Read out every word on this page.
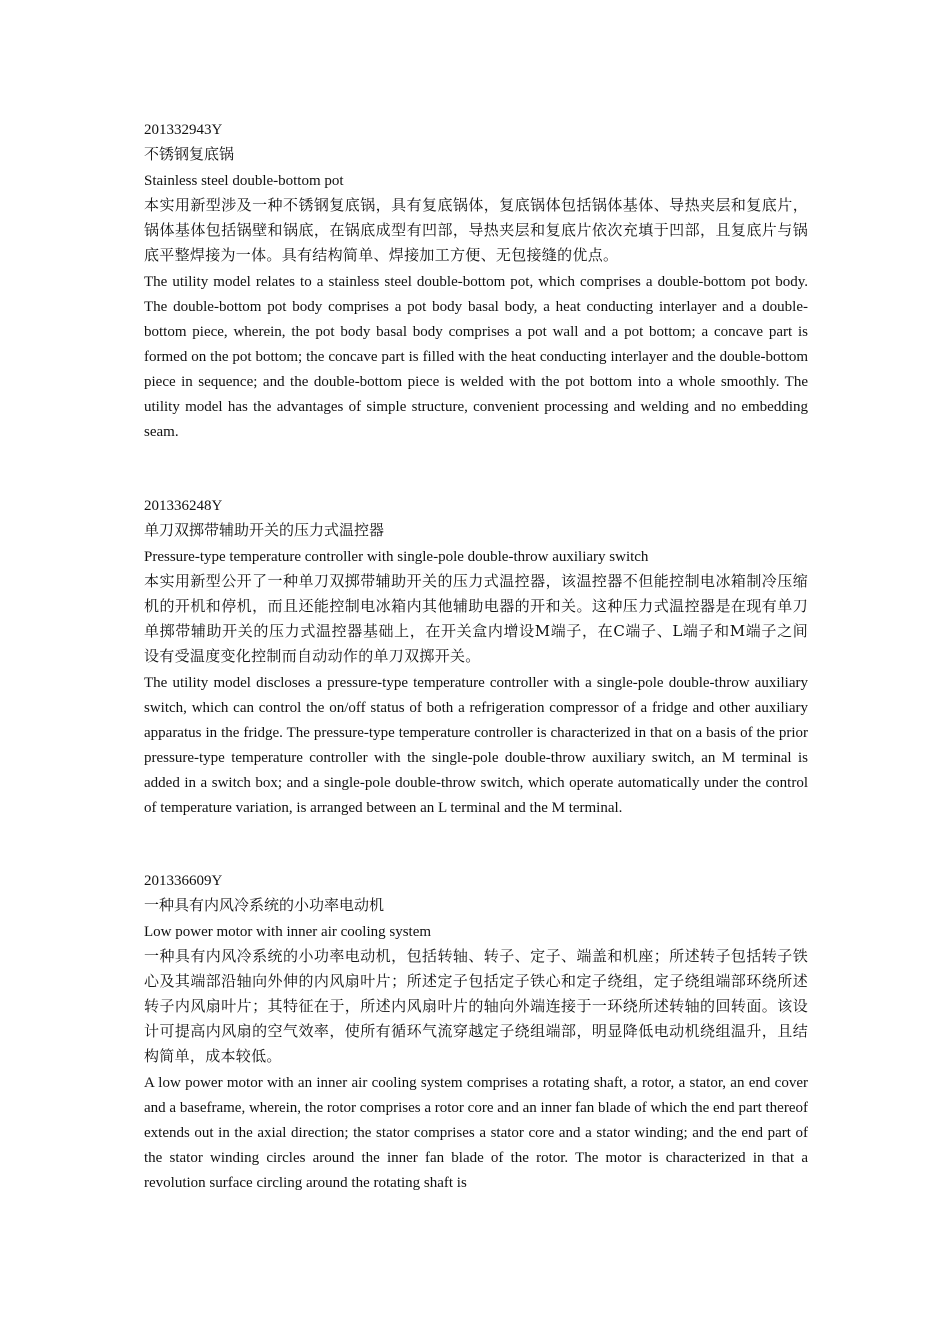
201332943Y
不锈钢复底锅
Stainless steel double-bottom pot
本实用新型涉及一种不锈钢复底锅，具有复底锅体，复底锅体包括锅体基体、导热夹层和复底片，锅体基体包括锅壁和锅底，在锅底成型有凹部，导热夹层和复底片依次充填于凹部，且复底片与锅底平整焊接为一体。具有结构简单、焊接加工方便、无包接缝的优点。
The utility model relates to a stainless steel double-bottom pot, which comprises a double-bottom pot body. The double-bottom pot body comprises a pot body basal body, a heat conducting interlayer and a double-bottom piece, wherein, the pot body basal body comprises a pot wall and a pot bottom; a concave part is formed on the pot bottom; the concave part is filled with the heat conducting interlayer and the double-bottom piece in sequence; and the double-bottom piece is welded with the pot bottom into a whole smoothly. The utility model has the advantages of simple structure, convenient processing and welding and no embedding seam.
201336248Y
单刀双掷带辅助开关的压力式温控器
Pressure-type temperature controller with single-pole double-throw auxiliary switch
本实用新型公开了一种单刀双掷带辅助开关的压力式温控器，该温控器不但能控制电冰箱制冷压缩机的开机和停机，而且还能控制电冰箱内其他辅助电器的开和关。这种压力式温控器是在现有单刀单掷带辅助开关的压力式温控器基础上，在开关盒内增设M端子，在C端子、L端子和M端子之间设有受温度变化控制而自动动作的单刀双掷开关。
The utility model discloses a pressure-type temperature controller with a single-pole double-throw auxiliary switch, which can control the on/off status of both a refrigeration compressor of a fridge and other auxiliary apparatus in the fridge. The pressure-type temperature controller is characterized in that on a basis of the prior pressure-type temperature controller with the single-pole double-throw auxiliary switch, an M terminal is added in a switch box; and a single-pole double-throw switch, which operate automatically under the control of temperature variation, is arranged between an L terminal and the M terminal.
201336609Y
一种具有内风冷系统的小功率电动机
Low power motor with inner air cooling system
一种具有内风冷系统的小功率电动机，包括转轴、转子、定子、端盖和机座；所述转子包括转子铁心及其端部沿轴向外伸的内风扇叶片；所述定子包括定子铁心和定子绕组，定子绕组端部环绕所述转子内风扇叶片；其特征在于，所述内风扇叶片的轴向外端连接于一环绕所述转轴的回转面。该设计可提高内风扇的空气效率，使所有循环气流穿越定子绕组端部，明显降低电动机绕组温升，且结构简单，成本较低。
A low power motor with an inner air cooling system comprises a rotating shaft, a rotor, a stator, an end cover and a baseframe, wherein, the rotor comprises a rotor core and an inner fan blade of which the end part thereof extends out in the axial direction; the stator comprises a stator core and a stator winding; and the end part of the stator winding circles around the inner fan blade of the rotor. The motor is characterized in that a revolution surface circling around the rotating shaft is
